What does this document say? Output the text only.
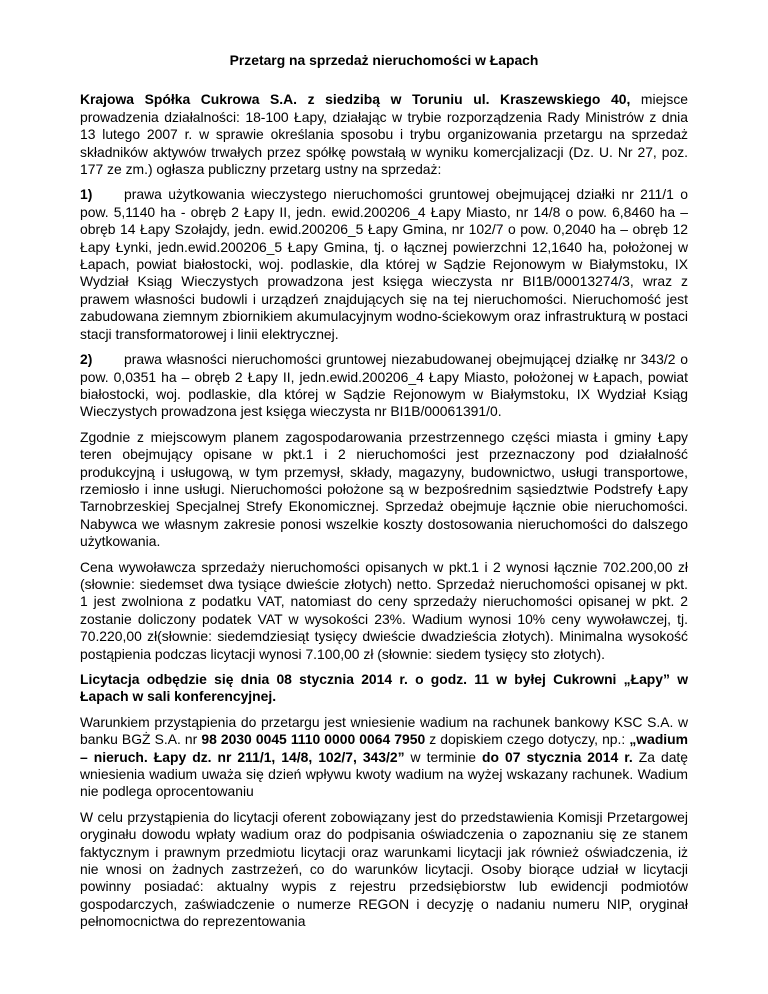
Przetarg na sprzedaż nieruchomości w Łapach

Krajowa Spółka Cukrowa S.A. z siedzibą w Toruniu ul. Kraszewskiego 40, miejsce prowadzenia działalności: 18-100 Łapy, działając w trybie rozporządzenia Rady Ministrów z dnia 13 lutego 2007 r. w sprawie określania sposobu i trybu organizowania przetargu na sprzedaż składników aktywów trwałych przez spółkę powstałą w wyniku komercjalizacji (Dz. U. Nr 27, poz. 177 ze zm.) ogłasza publiczny przetarg ustny na sprzedaż:

1) prawa użytkowania wieczystego nieruchomości gruntowej obejmującej działki nr 211/1 o pow. 5,1140 ha - obręb 2 Łapy II, jedn. ewid.200206_4 Łapy Miasto, nr 14/8 o pow. 6,8460 ha – obręb 14 Łapy Szołajdy, jedn. ewid.200206_5 Łapy Gmina, nr 102/7 o pow. 0,2040 ha – obręb 12 Łapy Łynki, jedn.ewid.200206_5 Łapy Gmina, tj. o łącznej powierzchni 12,1640 ha, położonej w Łapach, powiat białostocki, woj. podlaskie, dla której w Sądzie Rejonowym w Białymstoku, IX Wydział Ksiąg Wieczystych prowadzona jest księga wieczysta nr BI1B/00013274/3, wraz z prawem własności budowli i urządzeń znajdujących się na tej nieruchomości. Nieruchomość jest zabudowana ziemnym zbiornikiem akumulacyjnym wodno-ściekowym oraz infrastrukturą w postaci stacji transformatorowej i linii elektrycznej.

2) prawa własności nieruchomości gruntowej niezabudowanej obejmującej działkę nr 343/2 o pow. 0,0351 ha – obręb 2 Łapy II, jedn.ewid.200206_4 Łapy Miasto, położonej w Łapach, powiat białostocki, woj. podlaskie, dla której w Sądzie Rejonowym w Białymstoku, IX Wydział Ksiąg Wieczystych prowadzona jest księga wieczysta nr BI1B/00061391/0.

Zgodnie z miejscowym planem zagospodarowania przestrzennego części miasta i gminy Łapy teren obejmujący opisane w pkt.1 i 2 nieruchomości jest przeznaczony pod działalność produkcyjną i usługową, w tym przemysł, składy, magazyny, budownictwo, usługi transportowe, rzemiosło i inne usługi. Nieruchomości położone są w bezpośrednim sąsiedztwie Podstrefy Łapy Tarnobrzeskiej Specjalnej Strefy Ekonomicznej. Sprzedaż obejmuje łącznie obie nieruchomości. Nabywca we własnym zakresie ponosi wszelkie koszty dostosowania nieruchomości do dalszego użytkowania.

Cena wywoławcza sprzedaży nieruchomości opisanych w pkt.1 i 2 wynosi łącznie 702.200,00 zł (słownie: siedemset dwa tysiące dwieście złotych) netto. Sprzedaż nieruchomości opisanej w pkt. 1 jest zwolniona z podatku VAT, natomiast do ceny sprzedaży nieruchomości opisanej w pkt. 2 zostanie doliczony podatek VAT w wysokości 23%. Wadium wynosi 10% ceny wywoławczej, tj. 70.220,00 zł(słownie: siedemdziesiąt tysięcy dwieście dwadzieścia złotych). Minimalna wysokość postąpienia podczas licytacji wynosi 7.100,00 zł (słownie: siedem tysięcy sto złotych).

Licytacja odbędzie się dnia 08 stycznia 2014 r. o godz. 11 w byłej Cukrowni „Łapy” w Łapach w sali konferencyjnej.

Warunkiem przystąpienia do przetargu jest wniesienie wadium na rachunek bankowy KSC S.A. w banku BGŻ S.A. nr 98 2030 0045 1110 0000 0064 7950 z dopiskiem czego dotyczy, np.: „wadium – nieruch. Łapy dz. nr 211/1, 14/8, 102/7, 343/2” w terminie do 07 stycznia 2014 r. Za datę wniesienia wadium uważa się dzień wpływu kwoty wadium na wyżej wskazany rachunek. Wadium nie podlega oprocentowaniu

W celu przystąpienia do licytacji oferent zobowiązany jest do przedstawienia Komisji Przetargowej oryginału dowodu wpłaty wadium oraz do podpisania oświadczenia o zapoznaniu się ze stanem faktycznym i prawnym przedmiotu licytacji oraz warunkami licytacji jak również oświadczenia, iż nie wnosi on żadnych zastrzeżeń, co do warunków licytacji. Osoby biorące udział w licytacji powinny posiadać: aktualny wypis z rejestru przedsiębiorstw lub ewidencji podmiotów gospodarczych, zaświadczenie o numerze REGON i decyzję o nadaniu numeru NIP, oryginał pełnomocnictwa do reprezentowania
